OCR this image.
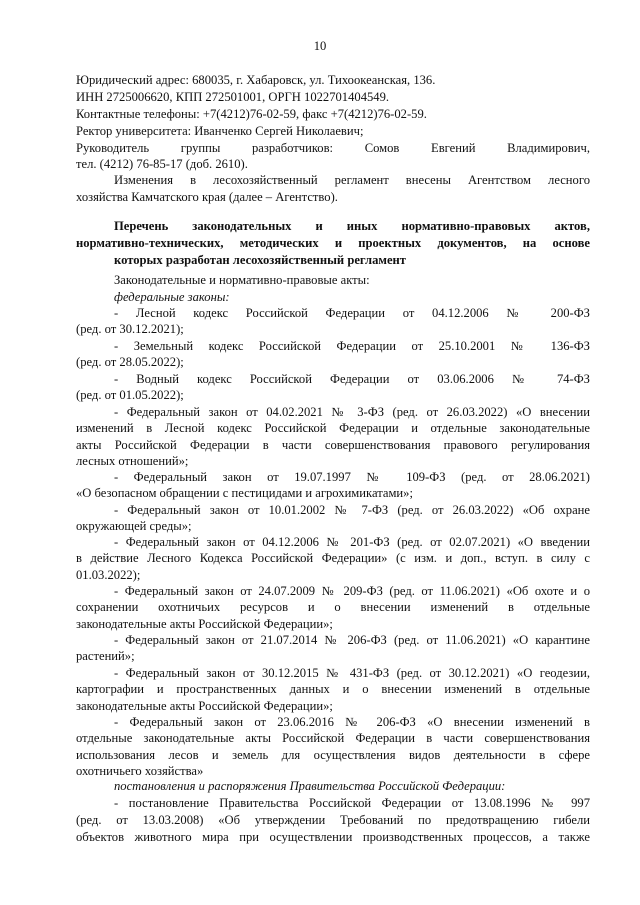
10

Юридический адрес: 680035, г. Хабаровск, ул. Тихоокеанская, 136.

ИНН 2725006620, КПП 272501001, ОРГН 1022701404549.

Контактные телефоны: +7(4212)76-02-59, факс +7(4212)76-02-59.

Ректор университета: Иванченко Сергей Николаевич;

Руководитель группы разработчиков: Сомов Евгений Владимирович,

тел. (4212) 76-85-17 (доб. 2610).

Изменения в лесохозяйственный регламент внесены Агентством лесного

хозяйства Камчатского края (далее – Агентство).

Перечень законодательных и иных нормативно-правовых актов,

нормативно-технических, методических и проектных документов, на основе

которых разработан лесохозяйственный регламент

Законодательные и нормативно-правовые акты:

федеральные законы:

- Лесной кодекс Российской Федерации от 04.12.2006 № 200-ФЗ

(ред. от 30.12.2021);

- Земельный кодекс Российской Федерации от 25.10.2001 № 136-ФЗ

(ред. от 28.05.2022);

- Водный кодекс Российской Федерации от 03.06.2006 № 74-ФЗ

(ред. от 01.05.2022);

- Федеральный закон от 04.02.2021 № 3-ФЗ (ред. от 26.03.2022) «О внесении

изменений в Лесной кодекс Российской Федерации и отдельные законодательные

акты Российской Федерации в части совершенствования правового регулирования

лесных отношений»;

- Федеральный закон от 19.07.1997 № 109-ФЗ (ред. от 28.06.2021)

«О безопасном обращении с пестицидами и агрохимикатами»;

- Федеральный закон от 10.01.2002 № 7-ФЗ (ред. от 26.03.2022) «Об охране

окружающей среды»;

- Федеральный закон от 04.12.2006 № 201-ФЗ (ред. от 02.07.2021) «О введении

в действие Лесного Кодекса Российской Федерации» (с изм. и доп., вступ. в силу с

01.03.2022);

- Федеральный закон от 24.07.2009 № 209-ФЗ (ред. от 11.06.2021) «Об охоте и о

сохранении охотничьих ресурсов и о внесении изменений в отдельные

законодательные акты Российской Федерации»;

- Федеральный закон от 21.07.2014 № 206-ФЗ (ред. от 11.06.2021) «О карантине

растений»;

- Федеральный закон от 30.12.2015 № 431-ФЗ (ред. от 30.12.2021) «О геодезии,

картографии и пространственных данных и о внесении изменений в отдельные

законодательные акты Российской Федерации»;

- Федеральный закон от 23.06.2016 № 206-ФЗ «О внесении изменений в

отдельные законодательные акты Российской Федерации в части совершенствования

использования лесов и земель для осуществления видов деятельности в сфере

охотничьего хозяйства»

постановления и распоряжения Правительства Российской Федерации:

- постановление Правительства Российской Федерации от 13.08.1996 № 997

(ред. от 13.03.2008) «Об утверждении Требований по предотвращению гибели

объектов животного мира при осуществлении производственных процессов, а также
